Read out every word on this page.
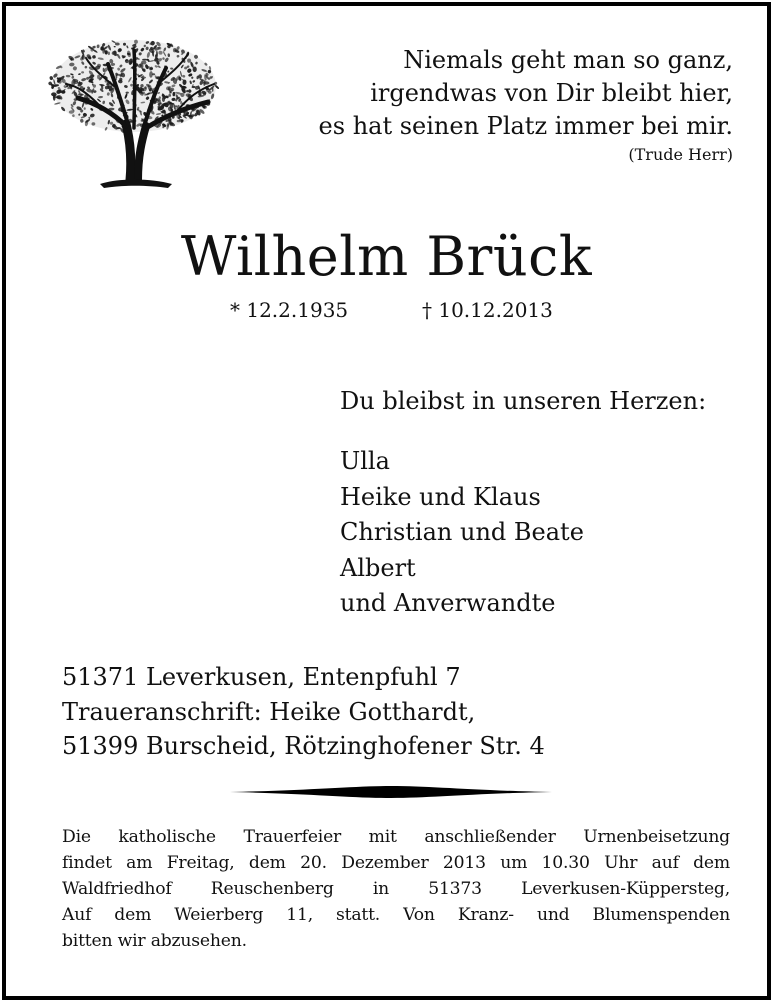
Niemals geht man so ganz,
irgendwas von Dir bleibt hier,
es hat seinen Platz immer bei mir.
(Trude Herr)
Wilhelm Brück
* 12.2.1935	† 10.12.2013
Du bleibst in unseren Herzen:
Ulla
Heike und Klaus
Christian und Beate
Albert
und Anverwandte
51371 Leverkusen, Entenpfuhl 7
Traueranschrift: Heike Gotthardt,
51399 Burscheid, Rötzinghofener Str. 4
Die katholische Trauerfeier mit anschließender Urnenbeisetzung
findet am Freitag, dem 20. Dezember 2013 um 10.30 Uhr auf dem
Waldfriedhof Reuschenberg in 51373 Leverkusen-Küppersteg,
Auf dem Weierberg 11, statt. Von Kranz- und Blumenspenden
bitten wir abzusehen.
